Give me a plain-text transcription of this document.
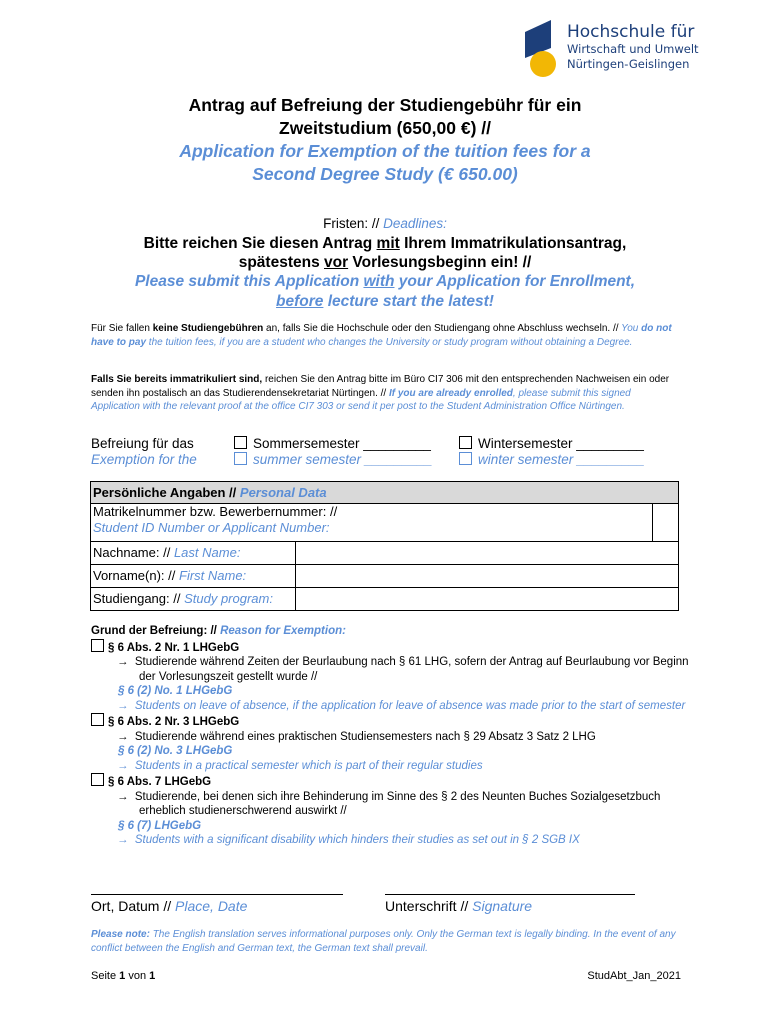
Hochschule für
Wirtschaft und Umwelt
Nürtingen-Geislingen
Antrag auf Befreiung der Studiengebühr für ein
Zweitstudium (650,00 €) //
Application for Exemption of the tuition fees for a
Second Degree Study (€ 650.00)
Fristen: // Deadlines:
Bitte reichen Sie diesen Antrag mit Ihrem Immatrikulationsantrag,
spätestens vor Vorlesungsbeginn ein! //
Please submit this Application with your Application for Enrollment,
before lecture start the latest!
Für Sie fallen keine Studiengebühren an, falls Sie die Hochschule oder den Studiengang ohne Abschluss wechseln. // You do not have to pay the tuition fees, if you are a student who changes the University or study program without obtaining a Degree.
Falls Sie bereits immatrikuliert sind, reichen Sie den Antrag bitte im Büro CI7 306 mit den entsprechenden Nachweisen ein oder senden ihn postalisch an das Studierendensekretariat Nürtingen. // If you are already enrolled, please submit this signed Application with the relevant proof at the office CI7 303 or send it per post to the Student Administration Office Nürtingen.
Befreiung für das
Exemption for the
Sommersemester _________
summer semester _________
Wintersemester _________
winter semester _________
Persönliche Angaben // Personal Data		

Matrikelnummer bzw. Bewerbernummer: //
Student ID Number or Applicant Number:		

Nachname: // Last Name:		
Vorname(n): // First Name:		
Studiengang: // Study program:		
Grund der Befreiung: // Reason for Exemption:
§ 6 Abs. 2 Nr. 1 LHGebG
→  Studierende während Zeiten der Beurlaubung nach § 61 LHG, sofern der Antrag auf Beurlaubung vor Beginn der Vorlesungszeit gestellt wurde //
§ 6 (2) No. 1 LHGebG
→  Students on leave of absence, if the application for leave of absence was made prior to the start of semester
§ 6 Abs. 2 Nr. 3 LHGebG
→  Studierende während eines praktischen Studiensemesters nach § 29 Absatz 3 Satz 2 LHG
§ 6 (2) No. 3 LHGebG
→  Students in a practical semester which is part of their regular studies
§ 6 Abs. 7 LHGebG
→  Studierende, bei denen sich ihre Behinderung im Sinne des § 2 des Neunten Buches Sozialgesetzbuch erheblich studienerschwerend auswirkt //
§ 6 (7) LHGebG
→  Students with a significant disability which hinders their studies as set out in § 2 SGB IX
Ort, Datum // Place, Date	Unterschrift // Signature
Please note: The English translation serves informational purposes only. Only the German text is legally binding. In the event of any conflict between the English and German text, the German text shall prevail.
Seite 1 von 1	StudAbt_Jan_2021
